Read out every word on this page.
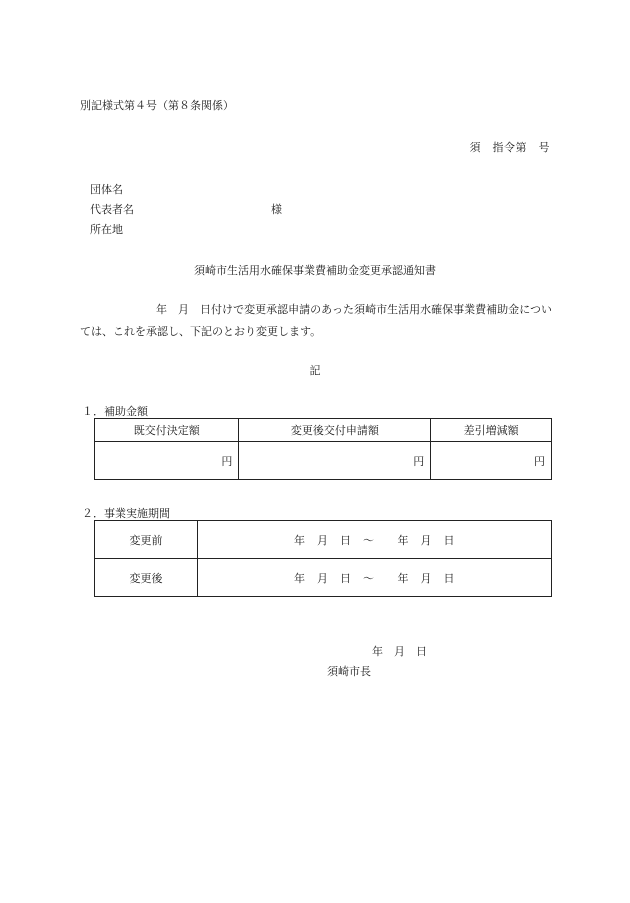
別記様式第４号（第８条関係）
須　指令第　号
団体名
代表者名	様
所在地
須崎市生活用水確保事業費補助金変更承認通知書
年　月　日付けで変更承認申請のあった須崎市生活用水確保事業費補助金については、これを承認し、下記のとおり変更します。
記
１．補助金額
既交付決定額	変更後交付申請額	差引増減額
円	円	円
２．事業実施期間
変更前	年　月　日　～　　年　月　日
変更後	年　月　日　～　　年　月　日
年　月　日
須崎市長
